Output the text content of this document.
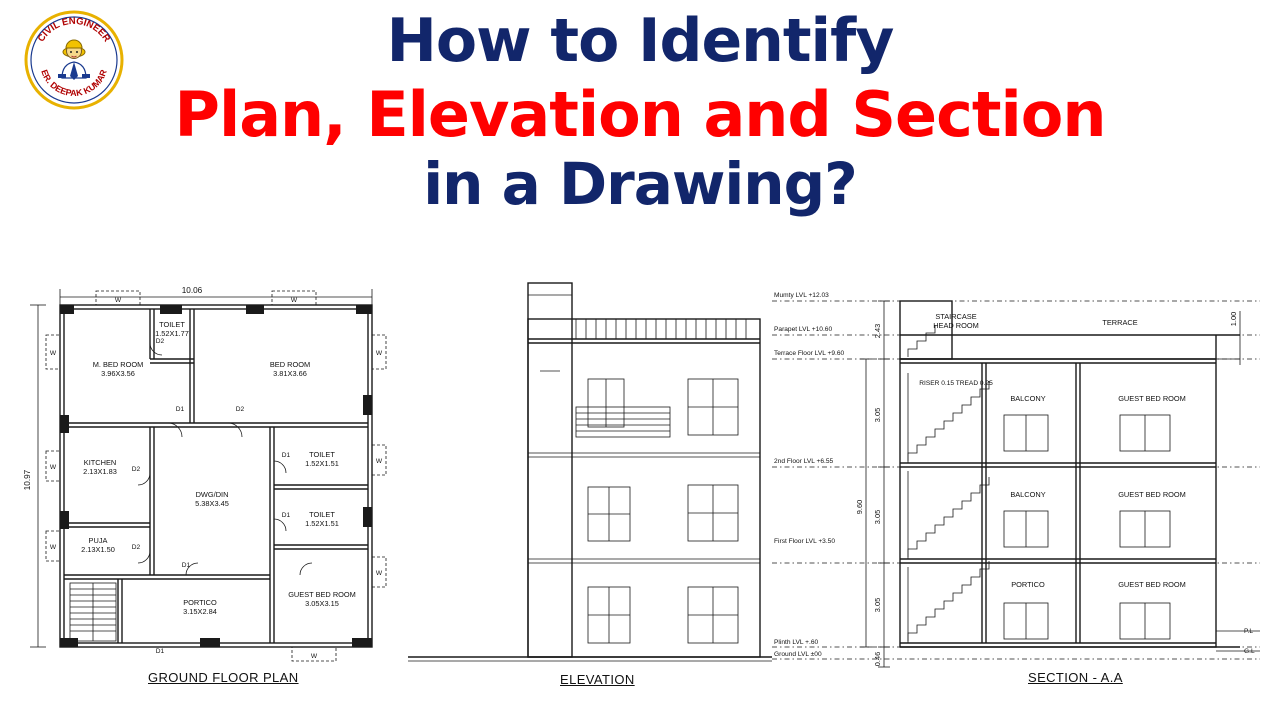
CIVIL ENGINEER
ER. DEEPAK KUMAR	How to Identify
Plan, Elevation and Section
in a Drawing?
10.06
10.97
W	W
W
W
W
W
W
W
W
M. BED ROOM
3.96X3.56
BED ROOM
3.81X3.66
TOILET
1.52X1.77
KITCHEN
2.13X1.83
TOILET
1.52X1.51
DWG/DIN
5.38X3.45
PUJA
2.13X1.50
TOILET
1.52X1.51
PORTICO
3.15X2.84
GUEST BED ROOM
3.05X3.15
D1	D2
D2
D1
D1
D2
D2
D1
D1
GROUND FLOOR PLAN	ELEVATION
Mumty LVL +12.03
Parapet LVL +10.60
Terrace Floor LVL +9.60
2nd Floor LVL +6.55
First Floor LVL +3.50
Plinth LVL +.60
Ground LVL ±00
2.43
3.05
3.05
3.05
9.60
0.46
1.00
RISER 0.15 TREAD 0.25
STAIRCASE
HEAD ROOM	TERRACE
BALCONY	GUEST BED ROOM
BALCONY	GUEST BED ROOM
PORTICO	GUEST BED ROOM
P.L
G.L
SECTION - A.A
